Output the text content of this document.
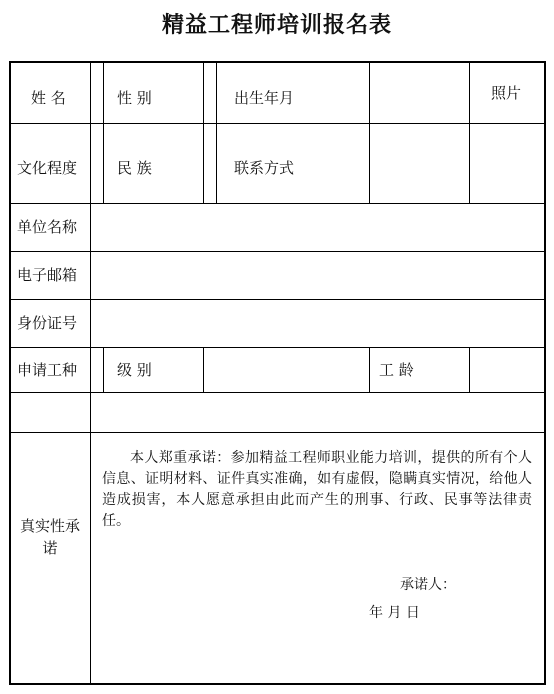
精益工程师培训报名表
姓 名	性 别	出生年月	照片
文化程度	民 族	联系方式
单位名称
电子邮箱
身份证号
申请工种	级 别	工 龄
真实性承诺
本人郑重承诺：参加精益工程师职业能力培训，提供的所有个人信息、证明材料、证件真实准确，如有虚假，隐瞒真实情况，给他人造成损害，本人愿意承担由此而产生的刑事、行政、民事等法律责任。
承诺人：
年 月 日
